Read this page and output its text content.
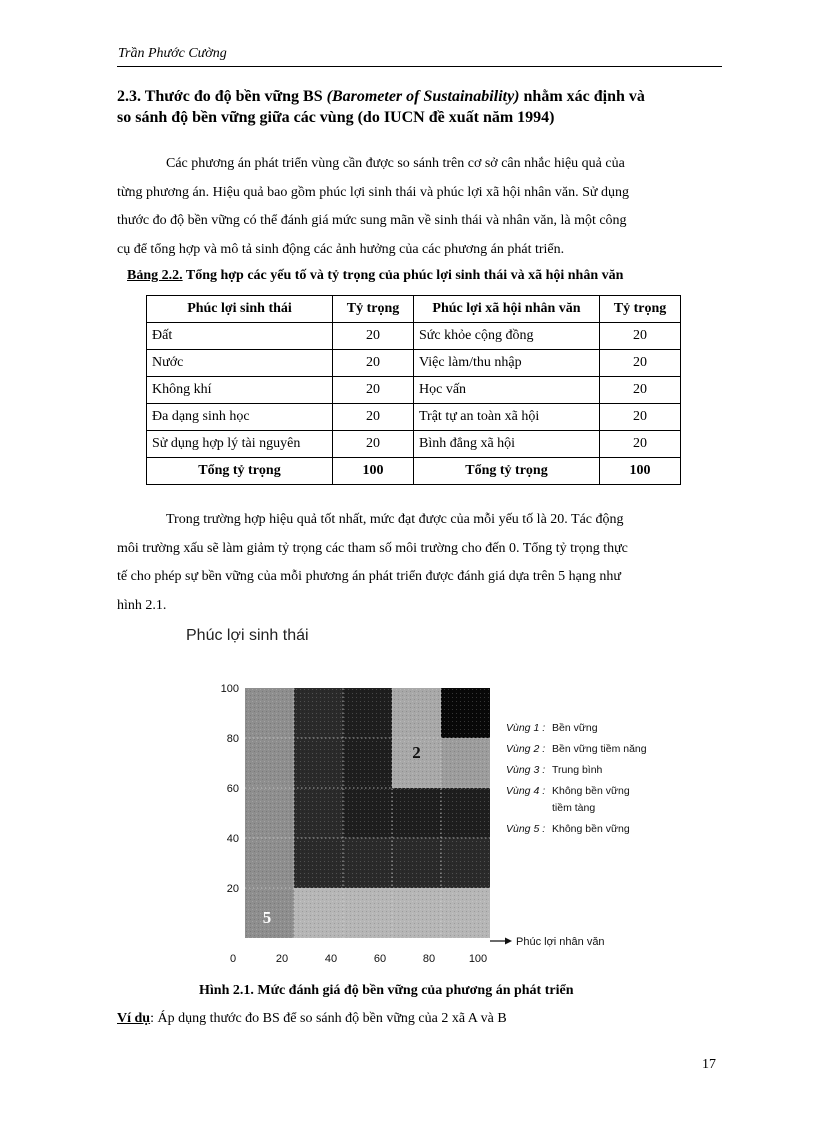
Trần Phước Cường
2.3. Thước đo độ bền vững BS (Barometer of Sustainability) nhằm xác định và
so sánh độ bền vững giữa các vùng (do IUCN đề xuất năm 1994)
Các phương án phát triển vùng cần được so sánh trên cơ sở cân nhắc hiệu quả của
từng phương án. Hiệu quả bao gồm phúc lợi sinh thái và phúc lợi xã hội nhân văn. Sử dụng
thước đo độ bền vững có thể đánh giá mức sung mãn về sinh thái và nhân văn, là một công
cụ để tổng hợp và mô tả sinh động các ảnh hưởng của các phương án phát triển.
Bảng 2.2. Tổng hợp các yếu tố và tỷ trọng của phúc lợi sinh thái và xã hội nhân văn
Phúc lợi sinh thái	Tỷ trọng	Phúc lợi xã hội nhân văn	Tỷ trọng
Đất	20	Sức khỏe cộng đồng	20
Nước	20	Việc làm/thu nhập	20
Không khí	20	Học vấn	20
Đa dạng sinh học	20	Trật tự an toàn xã hội	20
Sử dụng hợp lý tài nguyên	20	Bình đẳng xã hội	20
Tổng tỷ trọng	100	Tổng tỷ trọng	100
Trong trường hợp hiệu quả tốt nhất, mức đạt được của mỗi yếu tố là 20. Tác động
môi trường xấu sẽ làm giảm tỷ trọng các tham số môi trường cho đến 0. Tổng tỷ trọng thực
tế cho phép sự bền vững của mỗi phương án phát triển được đánh giá dựa trên 5 hạng như
hình 2.1.
Phúc lợi sinh thái
2
5
Phúc lợi nhân văn
0	20	40	60	80	100
20
40
60
80
100
Vùng 1 : Bền vững
Vùng 2 : Bền vững tiềm năng
Vùng 3 : Trung bình
Vùng 4 : Không bền vững
tiềm tàng
Vùng 5 : Không bền vững
Hình 2.1. Mức đánh giá độ bền vững của phương án phát triển
Ví dụ: Áp dụng thước đo BS để so sánh độ bền vững của 2 xã A và B
17
